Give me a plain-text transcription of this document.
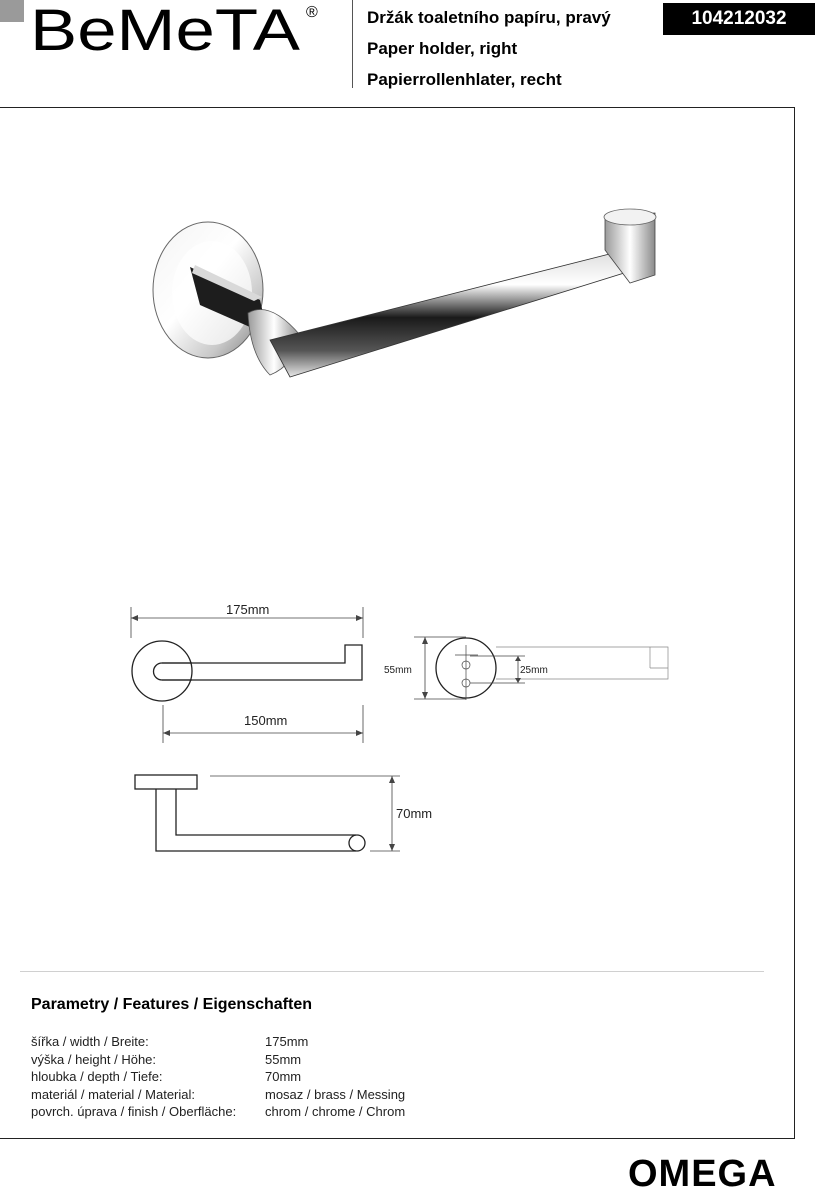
BeMeTA ®	Držák toaletního papíru, pravý
Paper holder, right
Papierrollenhlater, recht
104212032
175mm
150mm
55mm	25mm
70mm
Parametry / Features / Eigenschaften
šířka / width / Breite:	175mm
výška / height / Höhe:	55mm
hloubka / depth / Tiefe:	70mm
materiál / material / Material:	mosaz / brass / Messing
povrch. úprava / finish / Oberfläche:	chrom / chrome / Chrom
OMEGA
